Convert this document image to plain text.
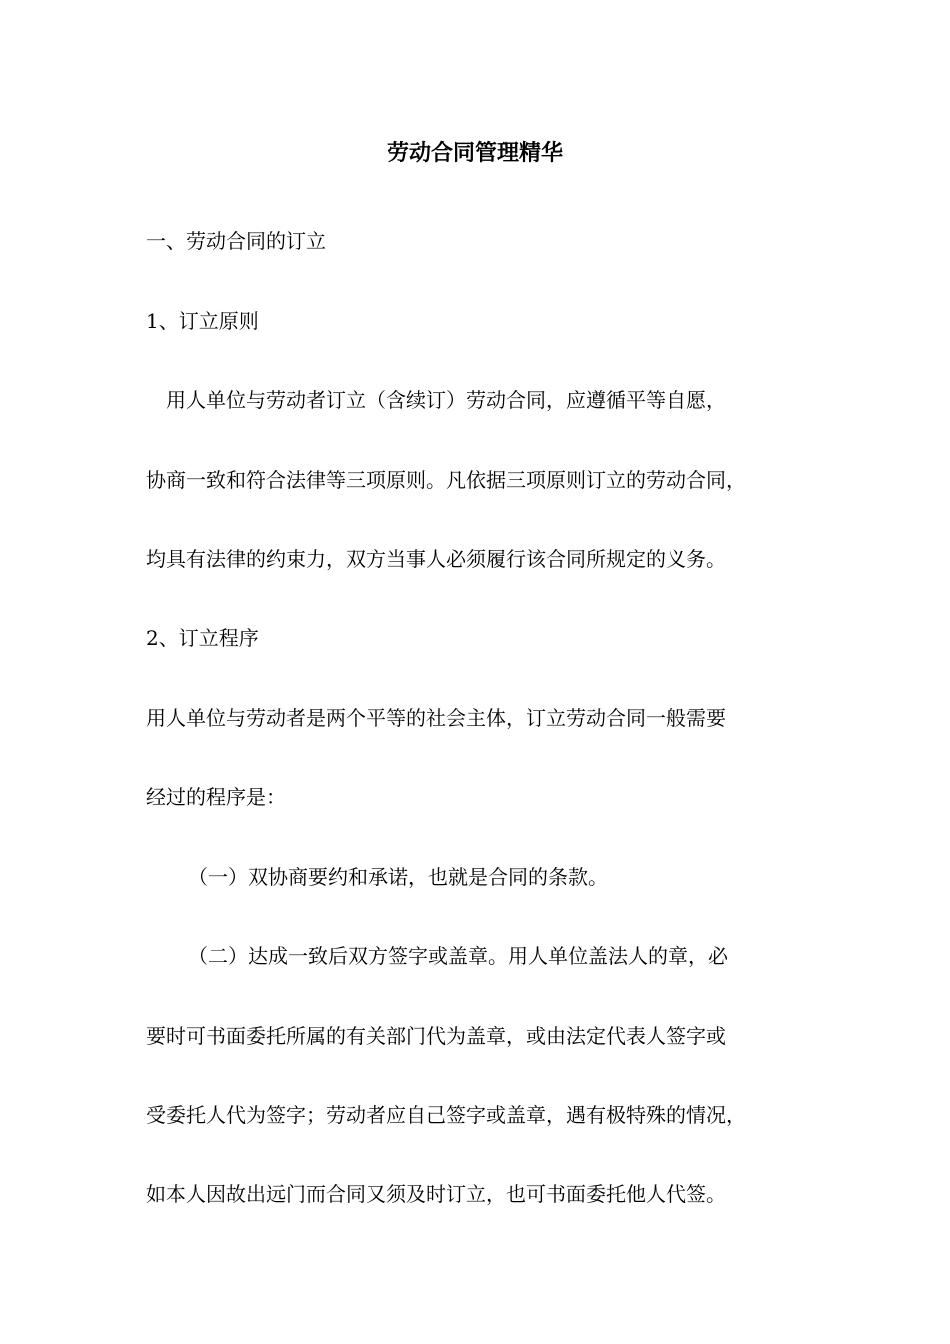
劳动合同管理精华
一、劳动合同的订立
1、订立原则
用人单位与劳动者订立（含续订）劳动合同，应遵循平等自愿，
协商一致和符合法律等三项原则。凡依据三项原则订立的劳动合同，
均具有法律的约束力，双方当事人必须履行该合同所规定的义务。
2、订立程序
用人单位与劳动者是两个平等的社会主体，订立劳动合同一般需要
经过的程序是：
（一）双协商要约和承诺，也就是合同的条款。
（二）达成一致后双方签字或盖章。用人单位盖法人的章，必
要时可书面委托所属的有关部门代为盖章，或由法定代表人签字或
受委托人代为签字；劳动者应自己签字或盖章，遇有极特殊的情况，
如本人因故出远门而合同又须及时订立，也可书面委托他人代签。
